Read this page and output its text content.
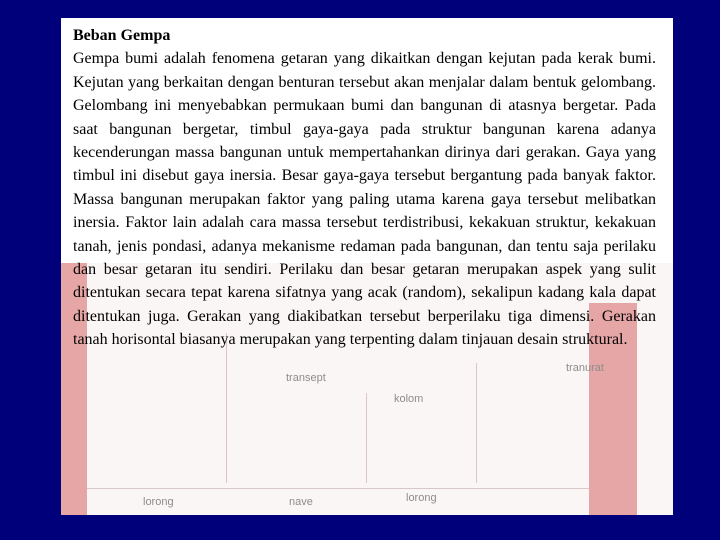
lorong	nave	lorong
kolom
transept
tranurat
Beban Gempa
Gempa bumi adalah fenomena getaran yang dikaitkan dengan kejutan pada kerak bumi. Kejutan yang berkaitan dengan benturan tersebut akan menjalar dalam bentuk gelombang. Gelombang ini menyebabkan permukaan bumi dan bangunan di atasnya bergetar. Pada saat bangunan bergetar, timbul gaya-gaya pada struktur bangunan karena adanya kecenderungan massa bangunan untuk mempertahankan dirinya dari gerakan. Gaya yang timbul ini disebut gaya inersia. Besar gaya-gaya tersebut bergantung pada banyak faktor. Massa bangunan merupakan faktor yang paling utama karena gaya tersebut melibatkan inersia. Faktor lain adalah cara massa tersebut terdistribusi, kekakuan struktur, kekakuan tanah, jenis pondasi, adanya mekanisme redaman pada bangunan, dan tentu saja perilaku dan besar getaran itu sendiri. Perilaku dan besar getaran merupakan aspek yang sulit ditentukan secara tepat karena sifatnya yang acak (random), sekalipun kadang kala dapat ditentukan juga. Gerakan yang diakibatkan tersebut berperilaku tiga dimensi. Gerakan tanah horisontal biasanya merupakan yang terpenting dalam tinjauan desain struktural.
